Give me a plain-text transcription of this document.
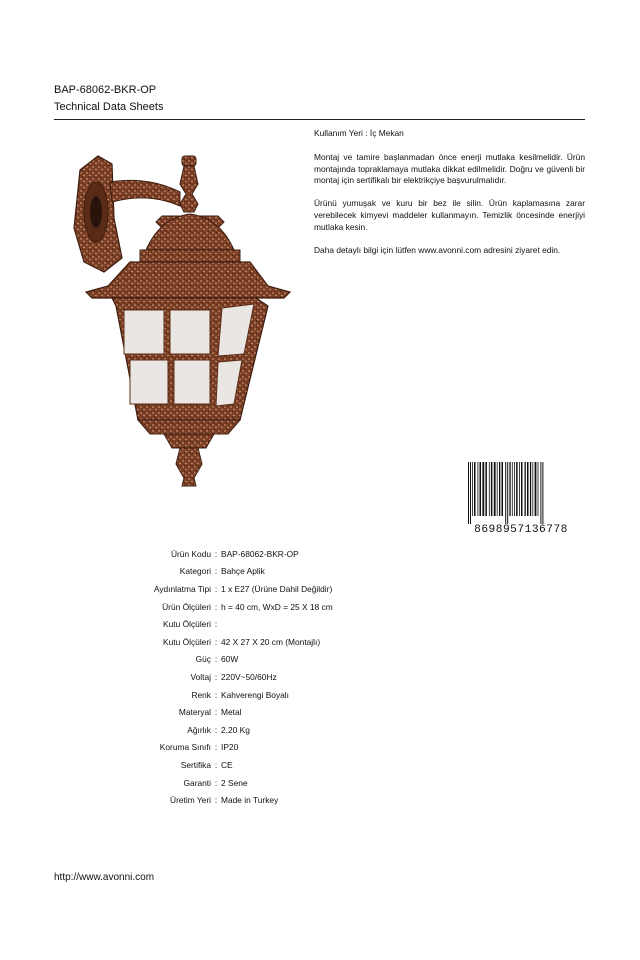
BAP-68062-BKR-OP
Technical Data Sheets

Kullanım Yeri : İç Mekan

Montaj ve tamire başlanmadan önce enerji mutlaka kesilmelidir. Ürün montajında topraklamaya mutlaka dikkat edilmelidir. Doğru ve güvenli bir montaj için sertifikalı bir elektrikçiye başvurulmalıdır.

Ürünü yumuşak ve kuru bir bez ile silin. Ürün kaplamasına zarar verebilecek kimyevi maddeler kullanmayın. Temizlik öncesinde enerjiyi mutlaka kesin.

Daha detaylı bilgi için lütfen www.avonni.com adresini ziyaret edin.

8698957136778
Ürün Kodu : BAP-68062-BKR-OP
Kategori : Bahçe Aplik
Aydınlatma Tipi : 1 x E27 (Ürüne Dahil Değildir)
Ürün Ölçüleri : h = 40 cm, WxD = 25 X 18 cm
Kutu Ölçüleri :
Kutu Ölçüleri : 42 X 27 X 20 cm (Montajlı)
Güç : 60W
Voltaj : 220V~50/60Hz
Renk : Kahverengi Boyalı
Materyal : Metal
Ağırlık : 2.20 Kg
Koruma Sınıfı : IP20
Sertifika : CE
Garanti : 2 Sene
Üretim Yeri : Made in Turkey
http://www.avonni.com
